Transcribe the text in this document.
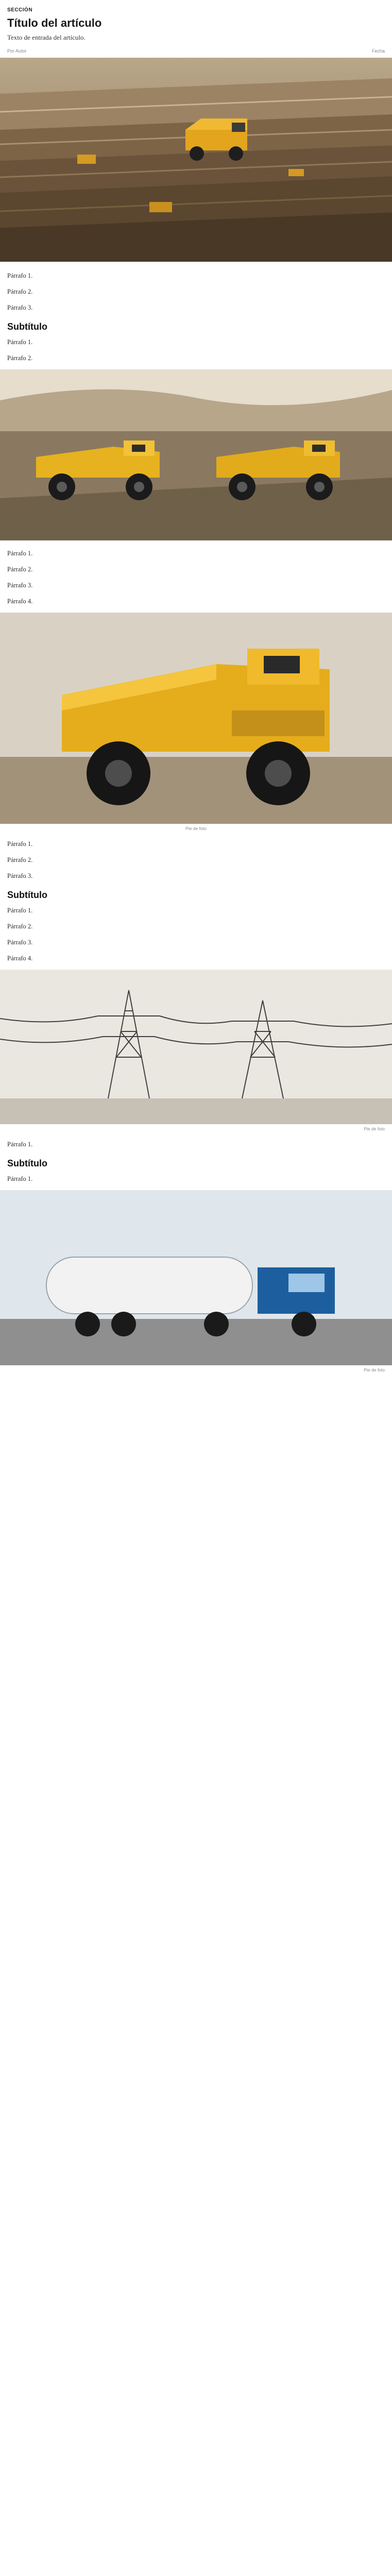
SECCIÓN
Título del artículo

Texto de entrada del artículo.

Por Autor	Fecha

Párrafo 1.

Párrafo 2.

Párrafo 3.

Subtítulo

Párrafo 1.

Párrafo 2.

Párrafo 1.

Párrafo 2.

Párrafo 3.

Párrafo 4.

Pie de foto

Párrafo 1.

Párrafo 2.

Párrafo 3.

Subtítulo

Párrafo 1.

Párrafo 2.

Párrafo 3.

Párrafo 4.

Pie de foto

Párrafo 1.

Subtítulo

Párrafo 1.

Pie de foto
